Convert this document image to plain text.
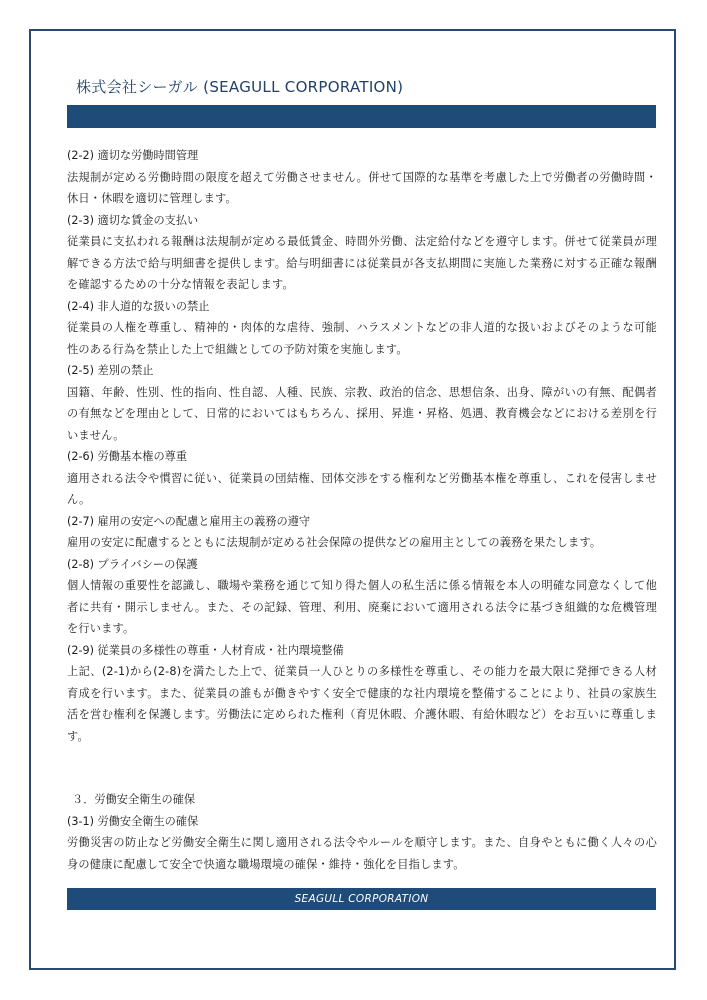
株式会社シーガル (SEAGULL CORPORATION)
(2-2) 適切な労働時間管理
法規制が定める労働時間の限度を超えて労働させません。併せて国際的な基準を考慮した上で労働者の労働時間・休日・休暇を適切に管理します。
(2-3) 適切な賃金の支払い
従業員に支払われる報酬は法規制が定める最低賃金、時間外労働、法定給付などを遵守します。併せて従業員が理解できる方法で給与明細書を提供します。給与明細書には従業員が各支払期間に実施した業務に対する正確な報酬を確認するための十分な情報を表記します。
(2-4) 非人道的な扱いの禁止
従業員の人権を尊重し、精神的・肉体的な虐待、強制、ハラスメントなどの非人道的な扱いおよびそのような可能性のある行為を禁止した上で組織としての予防対策を実施します。
(2-5) 差別の禁止
国籍、年齢、性別、性的指向、性自認、人種、民族、宗教、政治的信念、思想信条、出身、障がいの有無、配偶者の有無などを理由として、日常的においてはもちろん、採用、昇進・昇格、処遇、教育機会などにおける差別を行いません。
(2-6) 労働基本権の尊重
適用される法令や慣習に従い、従業員の団結権、団体交渉をする権利など労働基本権を尊重し、これを侵害しません。
(2-7) 雇用の安定への配慮と雇用主の義務の遵守
雇用の安定に配慮するとともに法規制が定める社会保障の提供などの雇用主としての義務を果たします。
(2-8) プライバシーの保護
個人情報の重要性を認識し、職場や業務を通じて知り得た個人の私生活に係る情報を本人の明確な同意なくして他者に共有・開示しません。また、その記録、管理、利用、廃棄において適用される法令に基づき組織的な危機管理を行います。
(2-9) 従業員の多様性の尊重・人材育成・社内環境整備
上記、(2-1)から(2-8)を満たした上で、従業員一人ひとりの多様性を尊重し、その能力を最大限に発揮できる人材育成を行います。また、従業員の誰もが働きやすく安全で健康的な社内環境を整備することにより、社員の家族生活を営む権利を保護します。労働法に定められた権利（育児休暇、介護休暇、有給休暇など）をお互いに尊重します。
３．労働安全衛生の確保
(3-1) 労働安全衛生の確保
労働災害の防止など労働安全衛生に関し適用される法令やルールを順守します。また、自身やともに働く人々の心身の健康に配慮して安全で快適な職場環境の確保・維持・強化を目指します。
SEAGULL CORPORATION
